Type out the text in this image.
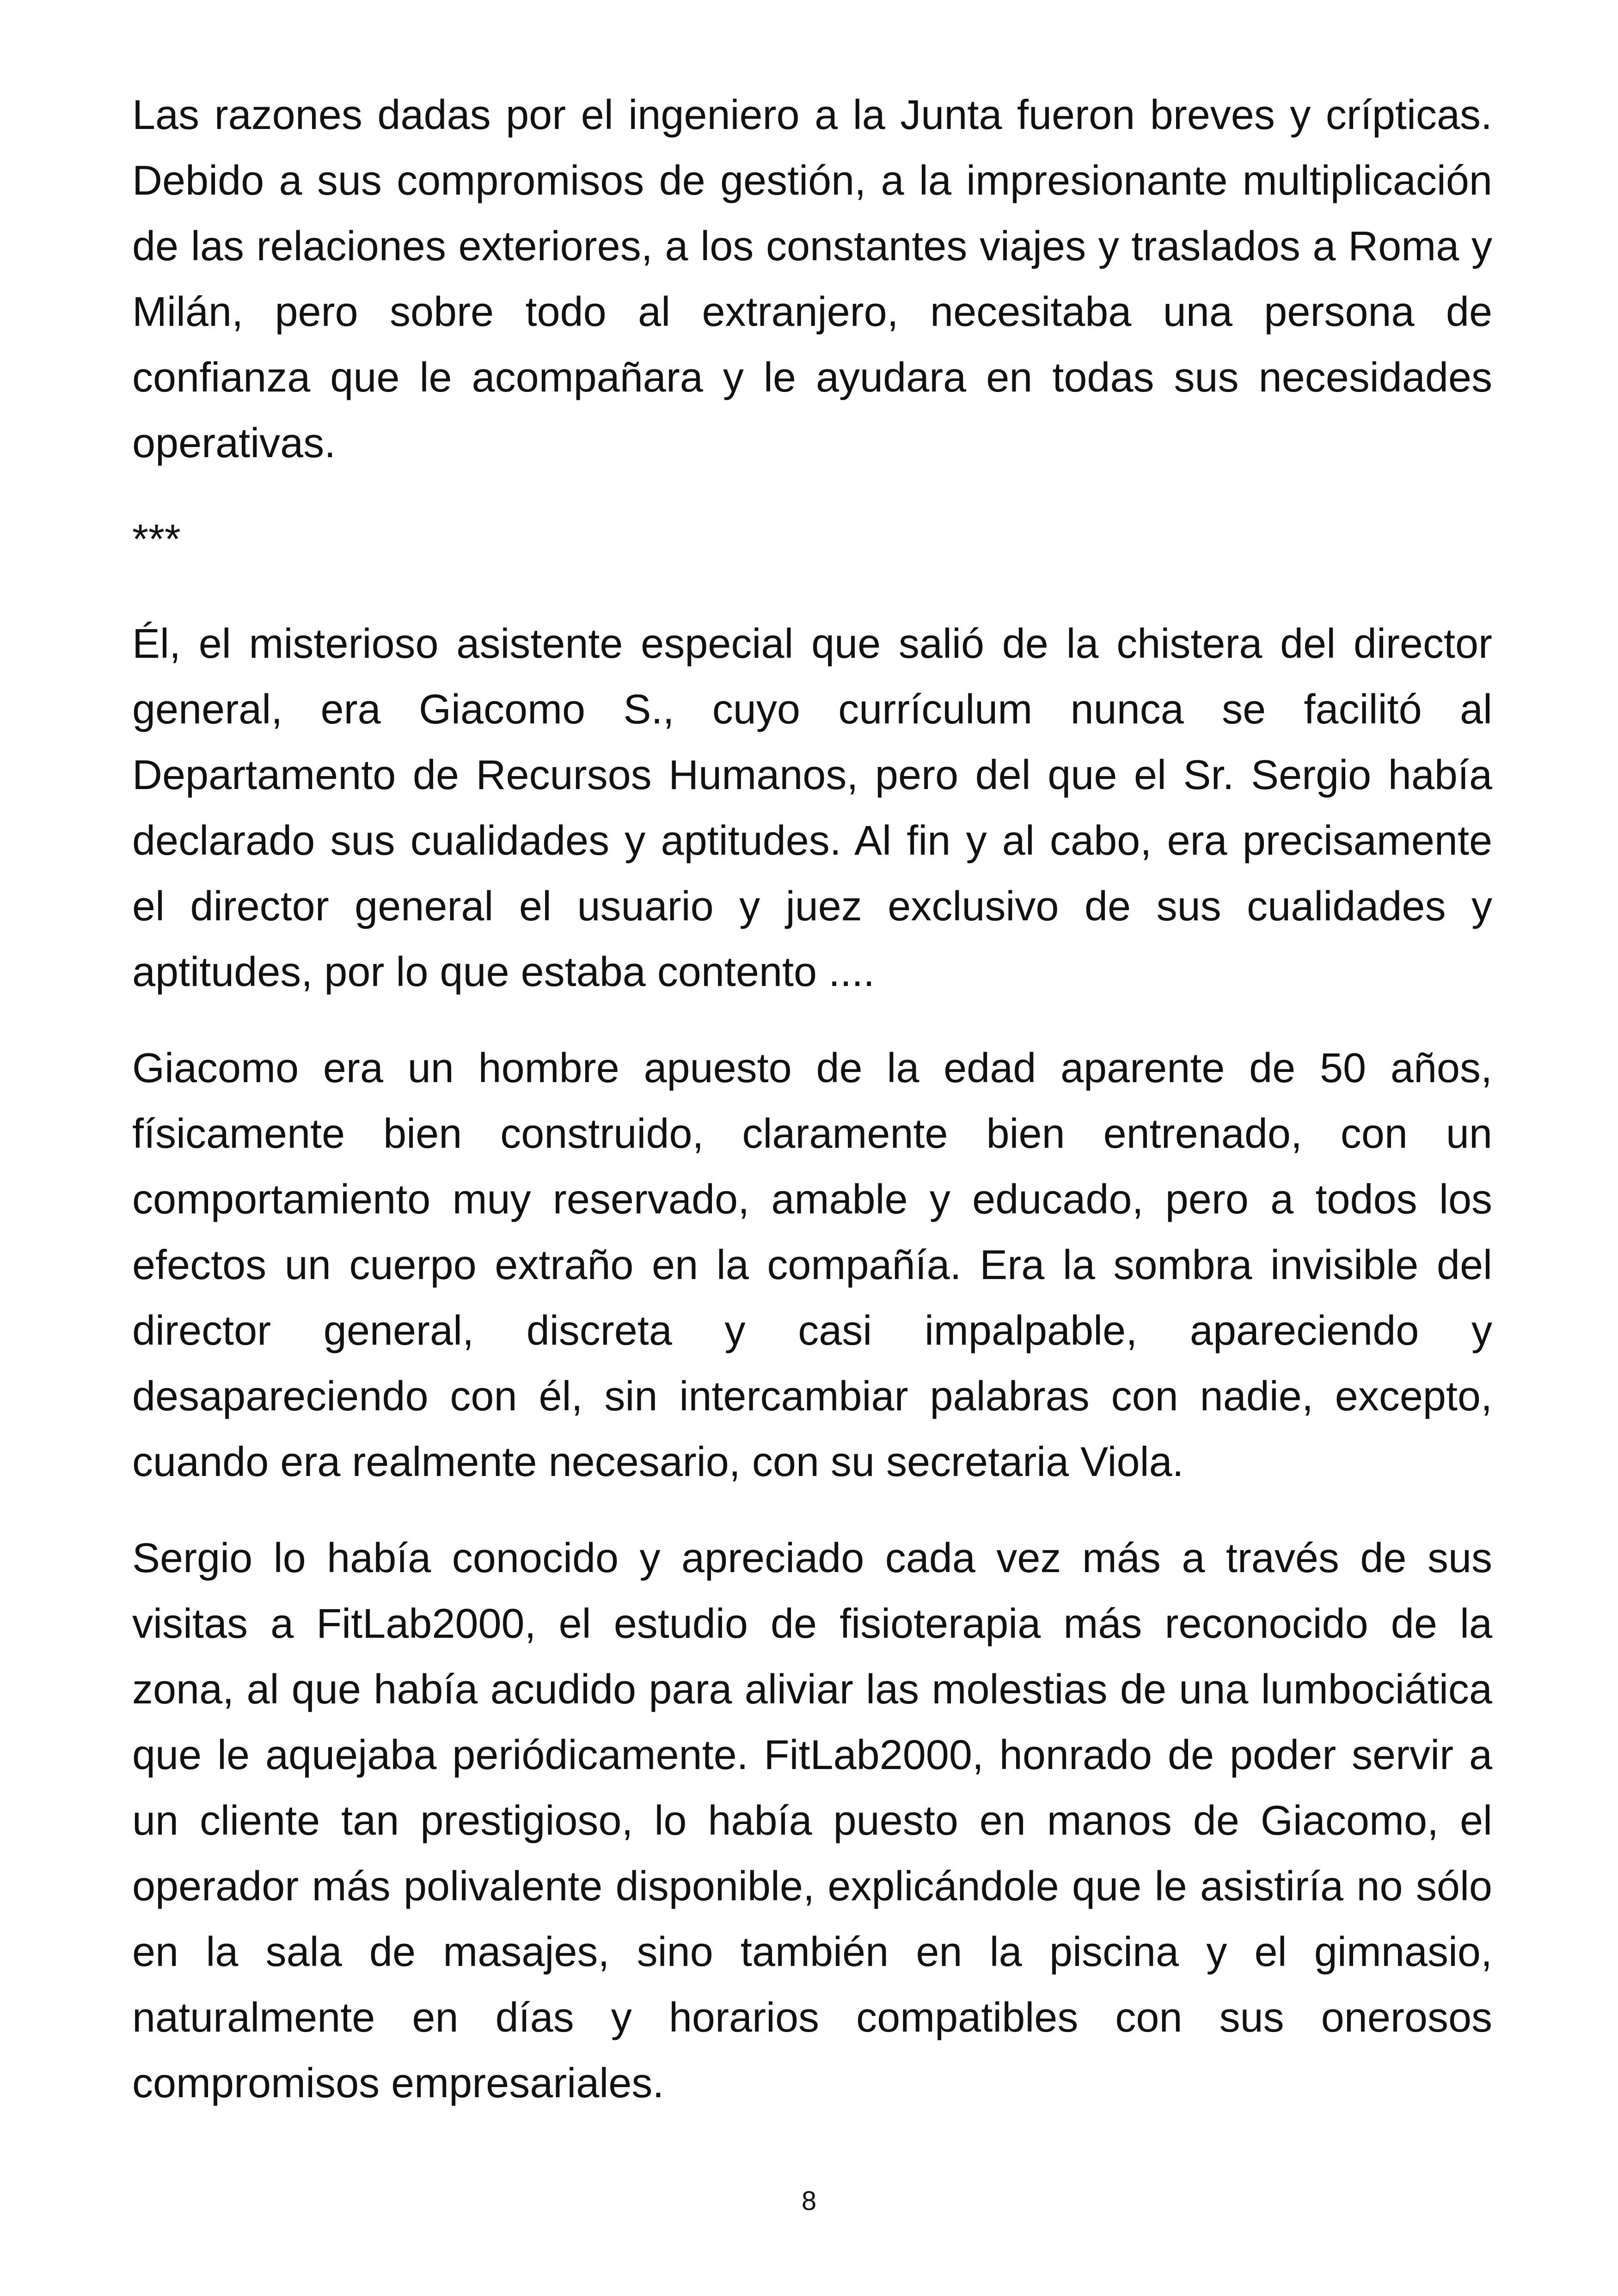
Las razones dadas por el ingeniero a la Junta fueron breves y crípticas. Debido a sus compromisos de gestión, a la impresionante multiplicación de las relaciones exteriores, a los constantes viajes y traslados a Roma y Milán, pero sobre todo al extranjero, necesitaba una persona de confianza que le acompañara y le ayudara en todas sus necesidades operativas.

***

Él, el misterioso asistente especial que salió de la chistera del director general, era Giacomo S., cuyo currículum nunca se facilitó al Departamento de Recursos Humanos, pero del que el Sr. Sergio había declarado sus cualidades y aptitudes. Al fin y al cabo, era precisamente el director general el usuario y juez exclusivo de sus cualidades y aptitudes, por lo que estaba contento ....

Giacomo era un hombre apuesto de la edad aparente de 50 años, físicamente bien construido, claramente bien entrenado, con un comportamiento muy reservado, amable y educado, pero a todos los efectos un cuerpo extraño en la compañía. Era la sombra invisible del director general, discreta y casi impalpable, apareciendo y desapareciendo con él, sin intercambiar palabras con nadie, excepto, cuando era realmente necesario, con su secretaria Viola.

Sergio lo había conocido y apreciado cada vez más a través de sus visitas a FitLab2000, el estudio de fisioterapia más reconocido de la zona, al que había acudido para aliviar las molestias de una lumbociática que le aquejaba periódicamente. FitLab2000, honrado de poder servir a un cliente tan prestigioso, lo había puesto en manos de Giacomo, el operador más polivalente disponible, explicándole que le asistiría no sólo en la sala de masajes, sino también en la piscina y el gimnasio, naturalmente en días y horarios compatibles con sus onerosos compromisos empresariales.

8
